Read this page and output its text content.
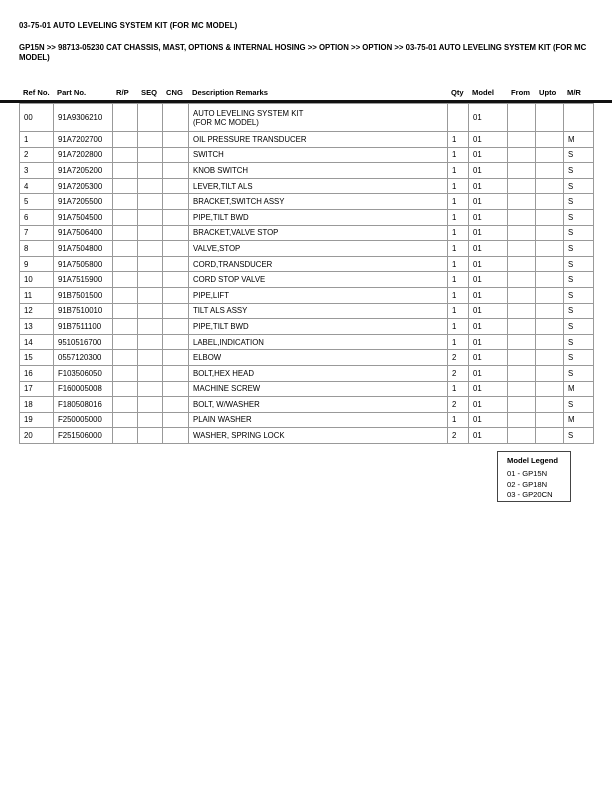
03-75-01 AUTO LEVELING SYSTEM KIT (FOR MC MODEL)
GP15N >> 98713-05230 CAT CHASSIS, MAST, OPTIONS & INTERNAL HOSING >> OPTION >> OPTION >> 03-75-01 AUTO LEVELING SYSTEM KIT (FOR MC MODEL)
Ref No. Part No.	R/P	SEQ	CNG	Description Remarks	Qty	Model	From	Upto	M/R
00	91A9306210				AUTO LEVELING SYSTEM KIT
(FOR MC MODEL)		01			
1	91A7202700				OIL PRESSURE TRANSDUCER	1	01			M
2	91A7202800				SWITCH	1	01			S
3	91A7205200				KNOB SWITCH	1	01			S
4	91A7205300				LEVER,TILT ALS	1	01			S
5	91A7205500				BRACKET,SWITCH ASSY	1	01			S
6	91A7504500				PIPE,TILT BWD	1	01			S
7	91A7506400				BRACKET,VALVE STOP	1	01			S
8	91A7504800				VALVE,STOP	1	01			S
9	91A7505800				CORD,TRANSDUCER	1	01			S
10	91A7515900				CORD STOP VALVE	1	01			S
11	91B7501500				PIPE,LIFT	1	01			S
12	91B7510010				TILT ALS ASSY	1	01			S
13	91B7511100				PIPE,TILT BWD	1	01			S
14	9510516700				LABEL,INDICATION	1	01			S
15	0557120300				ELBOW	2	01			S
16	F103506050				BOLT,HEX HEAD	2	01			S
17	F160005008				MACHINE SCREW	1	01			M
18	F180508016				BOLT, W/WASHER	2	01			S
19	F250005000				PLAIN WASHER	1	01			M
20	F251506000				WASHER, SPRING LOCK	2	01			S
Model Legend
01 - GP15N
02 - GP18N
03 - GP20CN
